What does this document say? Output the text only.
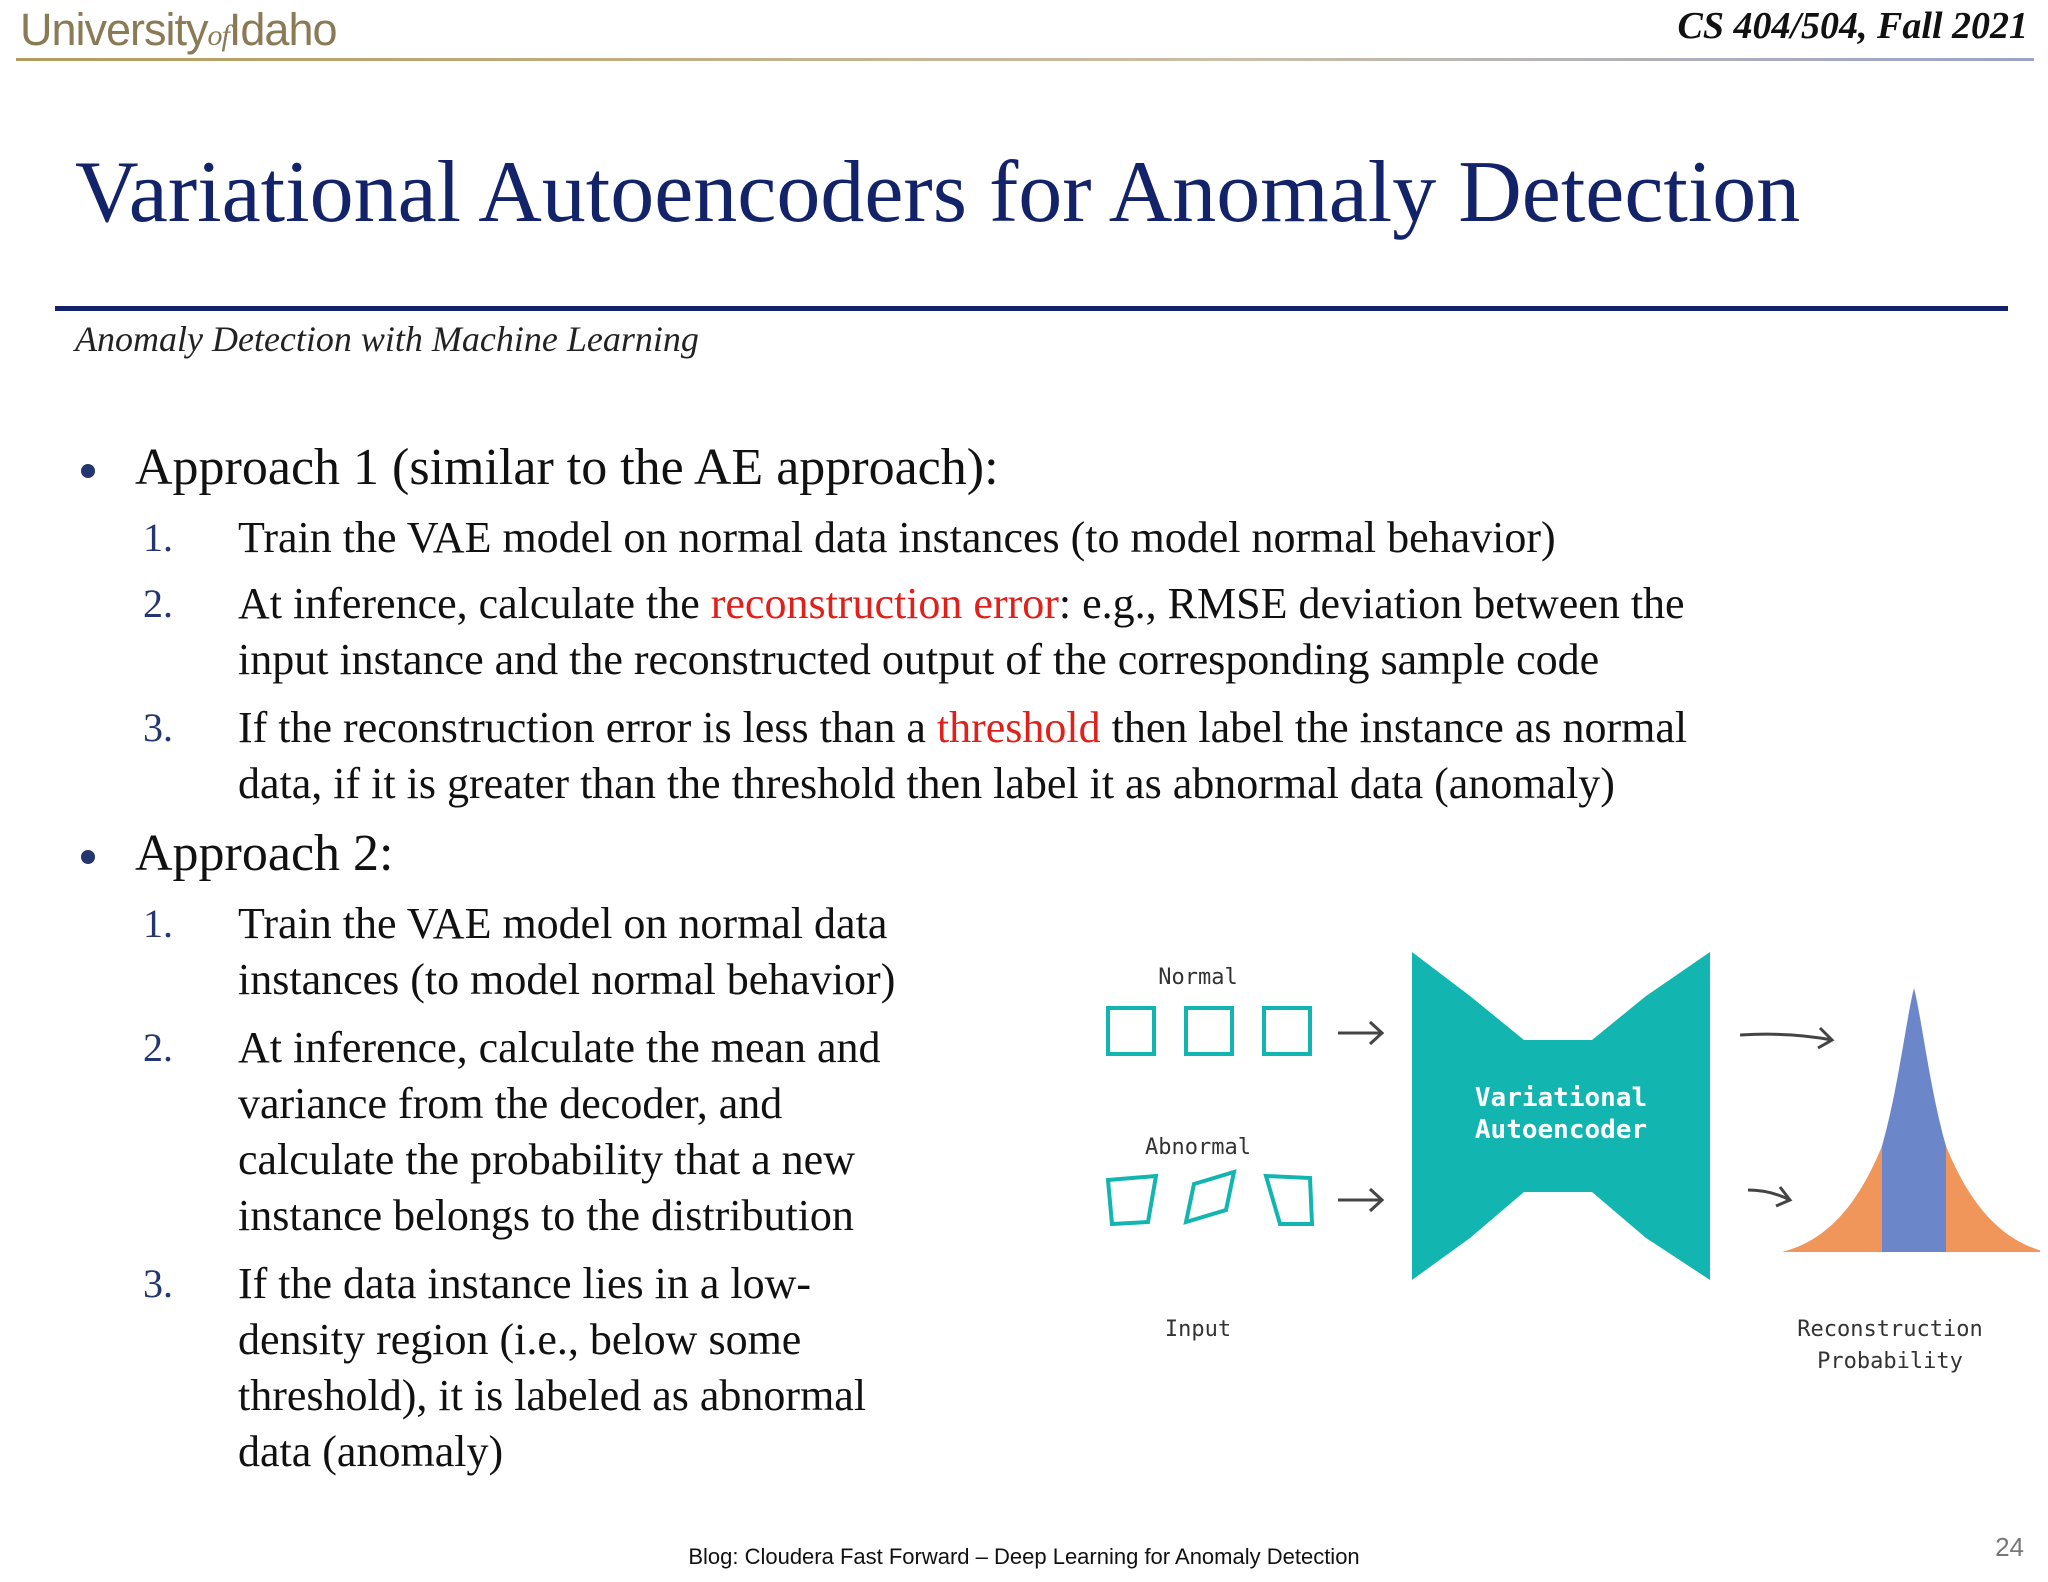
UniversityofIdaho	CS 404/504, Fall 2021
Variational Autoencoders for Anomaly Detection
Anomaly Detection with Machine Learning
Approach 1 (similar to the AE approach):
1. Train the VAE model on normal data instances (to model normal behavior)
2. At inference, calculate the reconstruction error: e.g., RMSE deviation between the
input instance and the reconstructed output of the corresponding sample code
3. If the reconstruction error is less than a threshold then label the instance as normal
data, if it is greater than the threshold then label it as abnormal data (anomaly)
Approach 2:
1. Train the VAE model on normal data
instances (to model normal behavior)
2. At inference, calculate the mean and
variance from the decoder, and
calculate the probability that a new
instance belongs to the distribution
3. If the data instance lies in a low-
density region (i.e., below some
threshold), it is labeled as abnormal
data (anomaly)
Normal
Abnormal
Input
Variational
Autoencoder
Reconstruction
Probability
Blog: Cloudera Fast Forward – Deep Learning for Anomaly Detection	24
